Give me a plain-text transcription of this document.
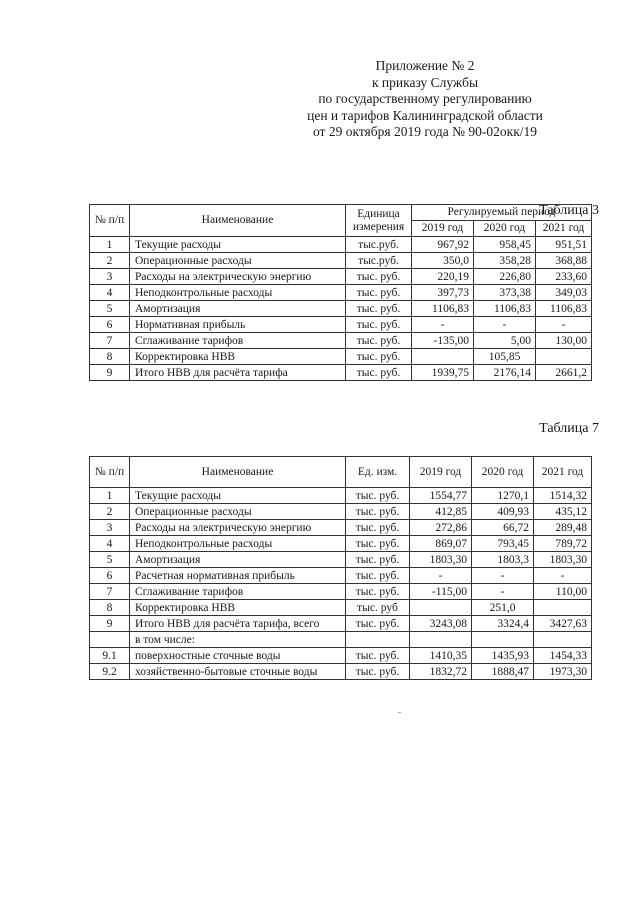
Приложение № 2
к приказу Службы
по государственному регулированию
цен и тарифов Калининградской области
от 29 октября 2019 года № 90-02окк/19
Таблица 3
№ п/п	Наименование	Единица измерения	Регулируемый период		
			2019 год	2020 год	2021 год
1	Текущие расходы	тыс.руб.	967,92	958,45	951,51
2	Операционные расходы	тыс.руб.	350,0	358,28	368,88
3	Расходы на электрическую энергию	тыс. руб.	220,19	226,80	233,60
4	Неподконтрольные расходы	тыс. руб.	397,73	373,38	349,03
5	Амортизация	тыс. руб.	1106,83	1106,83	1106,83
6	Нормативная прибыль	тыс. руб.	-	-	-
7	Сглаживание тарифов	тыс. руб.	-135,00	5,00	130,00
8	Корректировка НВВ	тыс. руб.		105,85	
9	Итого НВВ для расчёта тарифа	тыс. руб.	1939,75	2176,14	2661,2
Таблица 7
№ п/п	Наименование	Ед. изм.	2019 год	2020 год	2021 год
1	Текущие расходы	тыс. руб.	1554,77	1270,1	1514,32
2	Операционные расходы	тыс. руб.	412,85	409,93	435,12
3	Расходы на электрическую энергию	тыс. руб.	272,86	66,72	289,48
4	Неподконтрольные расходы	тыс. руб.	869,07	793,45	789,72
5	Амортизация	тыс. руб.	1803,30	1803,3	1803,30
6	Расчетная нормативная прибыль	тыс. руб.	-	-	-
7	Сглаживание тарифов	тыс. руб.	-115,00	-	110,00
8	Корректировка НВВ	тыс. руб		251,0	
9	Итого НВВ для расчёта тарифа, всего	тыс. руб.	3243,08	3324,4	3427,63
	в том числе:				
9.1	поверхностные сточные воды	тыс. руб.	1410,35	1435,93	1454,33
9.2	хозяйственно-бытовые сточные воды	тыс. руб.	1832,72	1888,47	1973,30
